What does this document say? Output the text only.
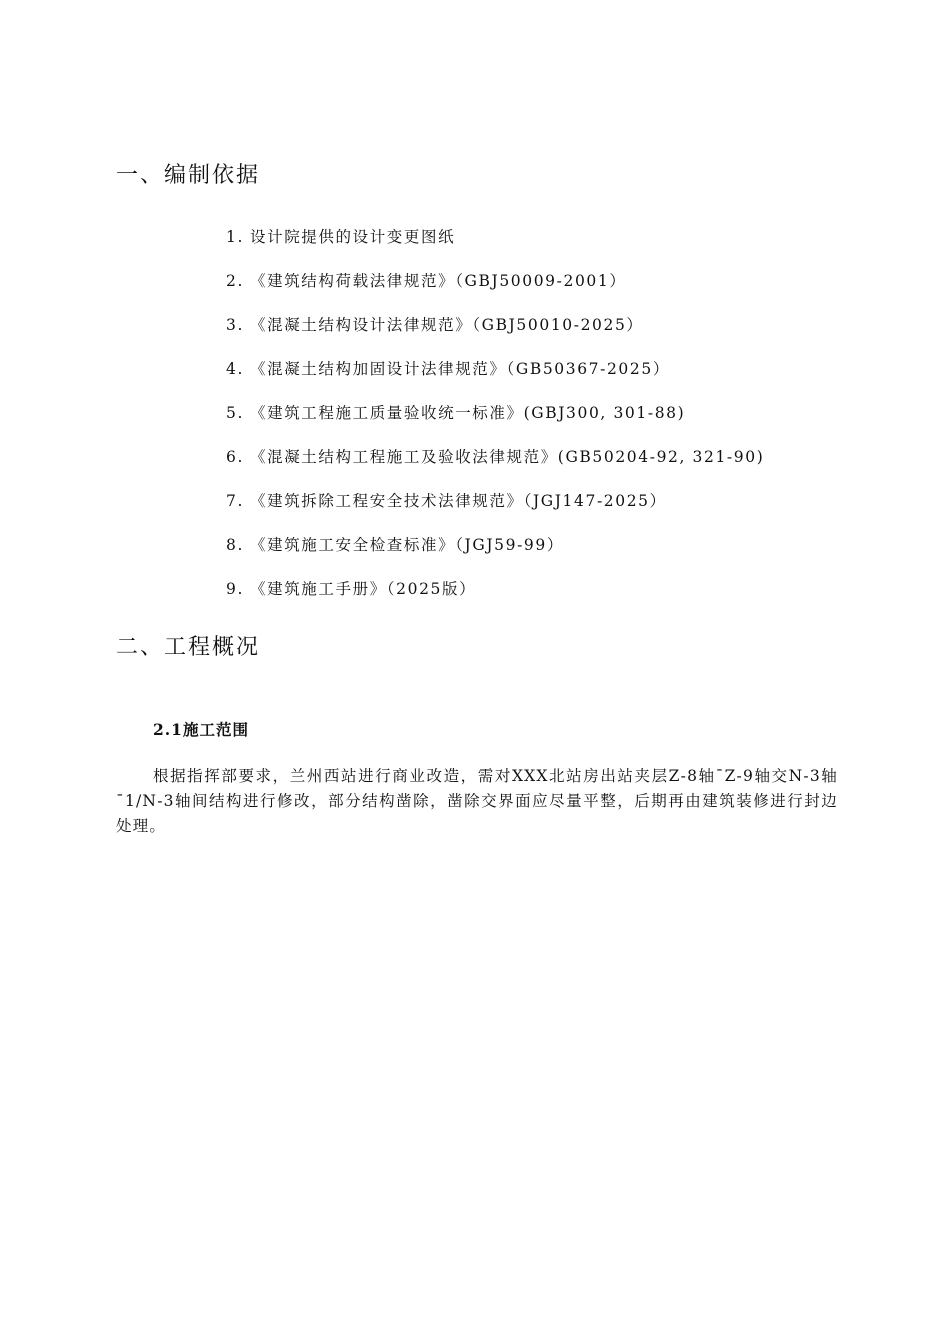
一、编制依据
1. 设计院提供的设计变更图纸
2. 《建筑结构荷载法律规范》（GBJ50009-2001）
3. 《混凝土结构设计法律规范》（GBJ50010-2025）
4. 《混凝土结构加固设计法律规范》（GB50367-2025）
5. 《建筑工程施工质量验收统一标准》(GBJ300, 301-88)
6. 《混凝土结构工程施工及验收法律规范》(GB50204-92, 321-90)
7. 《建筑拆除工程安全技术法律规范》（JGJ147-2025）
8. 《建筑施工安全检查标准》（JGJ59-99）
9. 《建筑施工手册》（2025版）
二、工程概况
2.1施工范围

根据指挥部要求，兰州西站进行商业改造，需对XXX北站房出站夹层Z-8轴¯Z-9轴交N-3轴¯1/N-3轴间结构进行修改，部分结构凿除，凿除交界面应尽量平整，后期再由建筑装修进行封边处理。
